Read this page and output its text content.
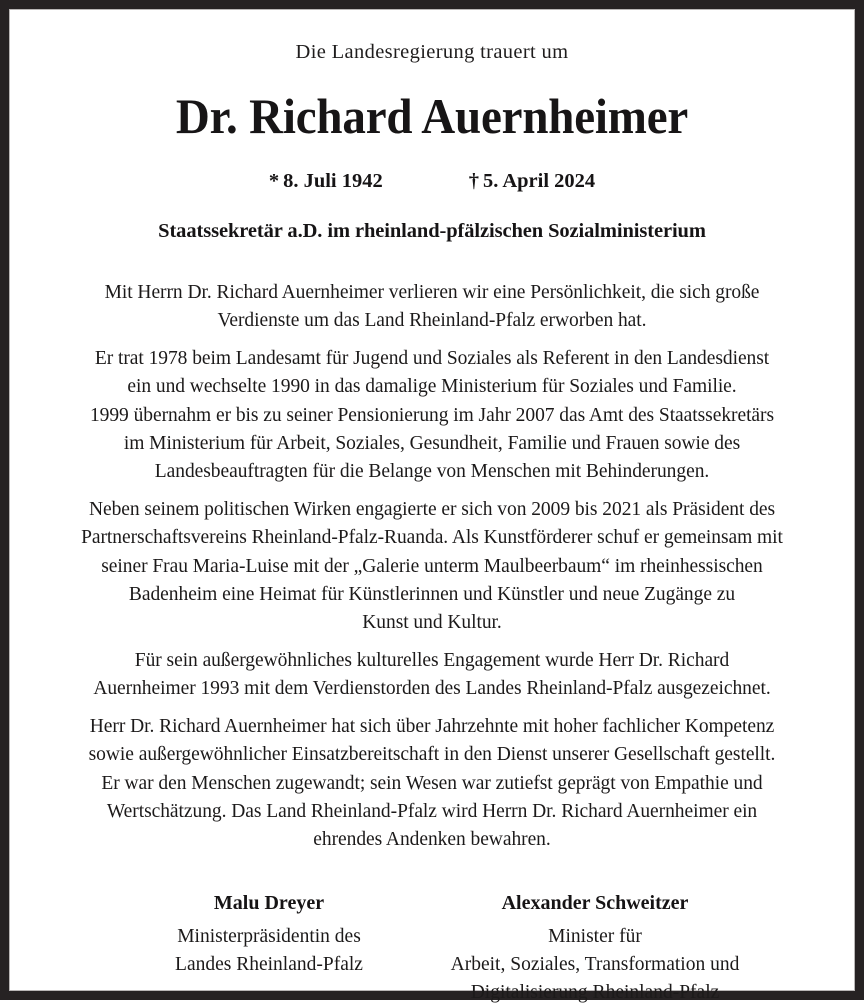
Die Landesregierung trauert um

Dr. Richard Auernheimer
* 8. Juli 1942	† 5. April 2024

Staatssekretär a.D. im rheinland-pfälzischen Sozialministerium

Mit Herrn Dr. Richard Auernheimer verlieren wir eine Persönlichkeit, die sich große
Verdienste um das Land Rheinland-Pfalz erworben hat.

Er trat 1978 beim Landesamt für Jugend und Soziales als Referent in den Landesdienst
ein und wechselte 1990 in das damalige Ministerium für Soziales und Familie.
1999 übernahm er bis zu seiner Pensionierung im Jahr 2007 das Amt des Staatssekretärs
im Ministerium für Arbeit, Soziales, Gesundheit, Familie und Frauen sowie des
Landesbeauftragten für die Belange von Menschen mit Behinderungen.

Neben seinem politischen Wirken engagierte er sich von 2009 bis 2021 als Präsident des
Partnerschaftsvereins Rheinland-Pfalz-Ruanda. Als Kunstförderer schuf er gemeinsam mit
seiner Frau Maria-Luise mit der „Galerie unterm Maulbeerbaum“ im rheinhessischen
Badenheim eine Heimat für Künstlerinnen und Künstler und neue Zugänge zu
Kunst und Kultur.

Für sein außergewöhnliches kulturelles Engagement wurde Herr Dr. Richard
Auernheimer 1993 mit dem Verdienstorden des Landes Rheinland-Pfalz ausgezeichnet.

Herr Dr. Richard Auernheimer hat sich über Jahrzehnte mit hoher fachlicher Kompetenz
sowie außergewöhnlicher Einsatzbereitschaft in den Dienst unserer Gesellschaft gestellt.
Er war den Menschen zugewandt; sein Wesen war zutiefst geprägt von Empathie und
Wertschätzung. Das Land Rheinland-Pfalz wird Herrn Dr. Richard Auernheimer ein
ehrendes Andenken bewahren.

Malu Dreyer
Ministerpräsidentin des
Landes Rheinland-Pfalz
Alexander Schweitzer
Minister für
Arbeit, Soziales, Transformation und
Digitalisierung Rheinland-Pfalz
